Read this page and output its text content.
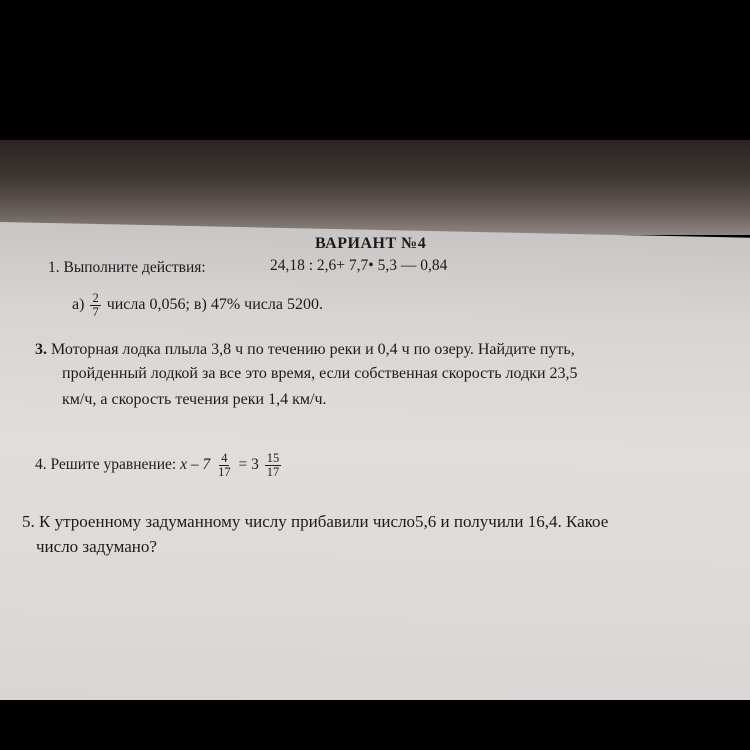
ВАРИАНТ №4
1. Выполните действия:	24,18 : 2,6+ 7,7• 5,3 — 0,84
$а) \frac{2}{7}$ числа 0,056; в) 47% числа 5200.
3. Моторная лодка плыла 3,8 ч по течению реки и 0,4 ч по озеру. Найдите путь,
пройденный лодкой за все это время, если собственная скорость лодки 23,5
км/ч, а скорость течения реки 1,4 км/ч.
4. Решите уравнение: $x - 7 \frac{4}{17} = 3 \frac{15}{17}$
5. К утроенному задуманному числу прибавили число5,6 и получили 16,4. Какое
число задумано?
